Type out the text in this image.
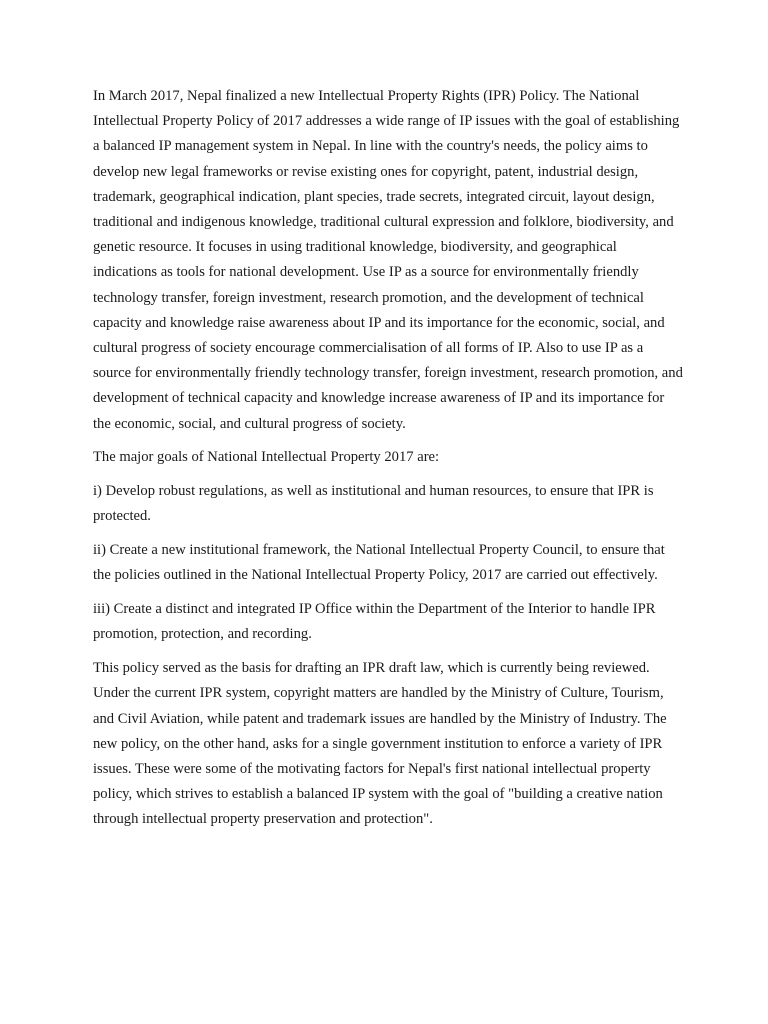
In March 2017, Nepal finalized a new Intellectual Property Rights (IPR) Policy. The National Intellectual Property Policy of 2017 addresses a wide range of IP issues with the goal of establishing a balanced IP management system in Nepal. In line with the country's needs, the policy aims to develop new legal frameworks or revise existing ones for copyright, patent, industrial design, trademark, geographical indication, plant species, trade secrets, integrated circuit, layout design, traditional and indigenous knowledge, traditional cultural expression and folklore, biodiversity, and genetic resource. It focuses in using traditional knowledge, biodiversity, and geographical indications as tools for national development. Use IP as a source for environmentally friendly technology transfer, foreign investment, research promotion, and the development of technical capacity and knowledge raise awareness about IP and its importance for the economic, social, and cultural progress of society encourage commercialisation of all forms of IP. Also to use IP as a source for environmentally friendly technology transfer, foreign investment, research promotion, and development of technical capacity and knowledge increase awareness of IP and its importance for the economic, social, and cultural progress of society.

The major goals of National Intellectual Property 2017 are:

i) Develop robust regulations, as well as institutional and human resources, to ensure that IPR is protected.

ii) Create a new institutional framework, the National Intellectual Property Council, to ensure that the policies outlined in the National Intellectual Property Policy, 2017 are carried out effectively.

iii) Create a distinct and integrated IP Office within the Department of the Interior to handle IPR promotion, protection, and recording.

This policy served as the basis for drafting an IPR draft law, which is currently being reviewed. Under the current IPR system, copyright matters are handled by the Ministry of Culture, Tourism, and Civil Aviation, while patent and trademark issues are handled by the Ministry of Industry. The new policy, on the other hand, asks for a single government institution to enforce a variety of IPR issues. These were some of the motivating factors for Nepal's first national intellectual property policy, which strives to establish a balanced IP system with the goal of "building a creative nation through intellectual property preservation and protection".
